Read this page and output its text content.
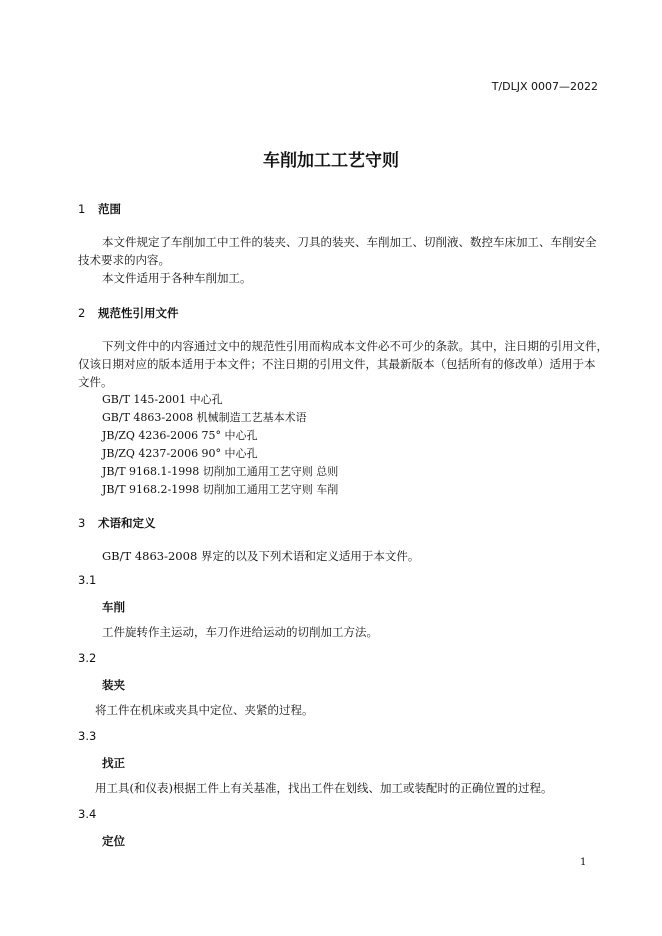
T/DLJX 0007—2022
车削加工工艺守则
1 范围
本文件规定了车削加工中工件的装夹、刀具的装夹、车削加工、切削液、数控车床加工、车削安全
技术要求的内容。
本文件适用于各种车削加工。
2 规范性引用文件
下列文件中的内容通过文中的规范性引用而构成本文件必不可少的条款。其中，注日期的引用文件，
仅该日期对应的版本适用于本文件；不注日期的引用文件，其最新版本（包括所有的修改单）适用于本
文件。
GB/T 145-2001 中心孔
GB/T 4863-2008 机械制造工艺基本术语
JB/ZQ 4236-2006 75° 中心孔
JB/ZQ 4237-2006 90° 中心孔
JB/T 9168.1-1998 切削加工通用工艺守则 总则
JB/T 9168.2-1998 切削加工通用工艺守则 车削
3 术语和定义
GB/T 4863-2008 界定的以及下列术语和定义适用于本文件。
3.1
车削
工件旋转作主运动，车刀作进给运动的切削加工方法。
3.2
装夹
将工件在机床或夹具中定位、夹紧的过程。
3.3
找正
用工具(和仪表)根据工件上有关基准，找出工件在划线、加工或装配时的正确位置的过程。
3.4
定位
1
